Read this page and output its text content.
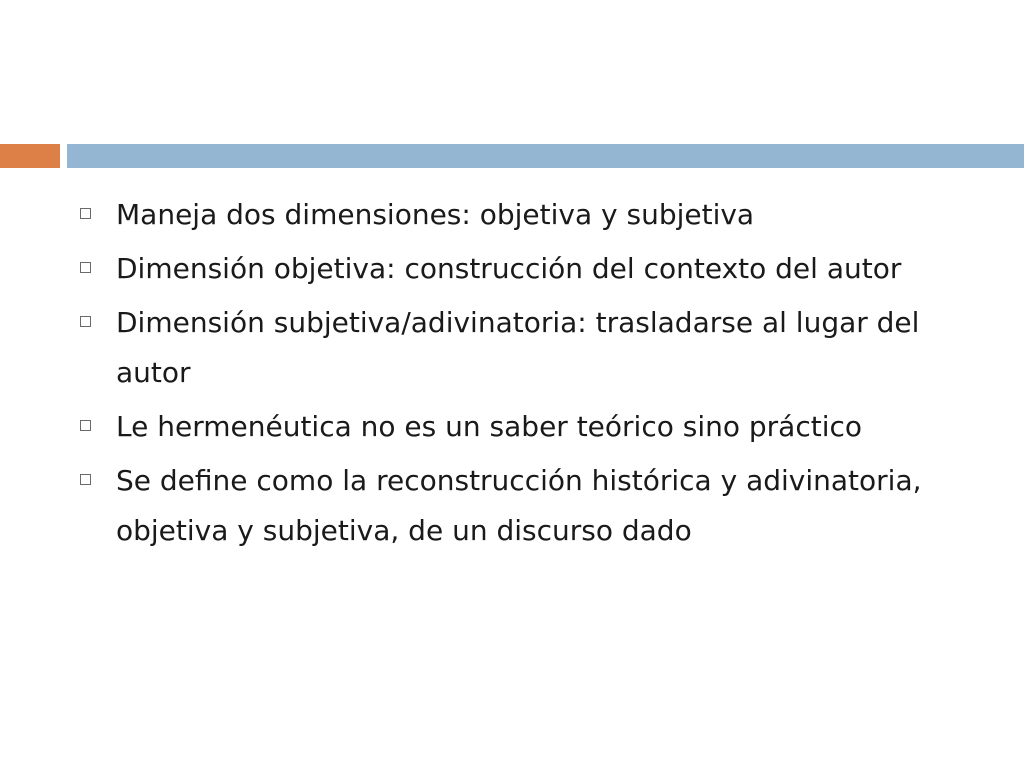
Maneja dos dimensiones: objetiva y subjetiva
Dimensión objetiva: construcción del contexto del autor
Dimensión subjetiva/adivinatoria: trasladarse al lugar del autor
Le hermenéutica no es un saber teórico sino práctico
Se define como la reconstrucción histórica y adivinatoria, objetiva y subjetiva, de un discurso dado
